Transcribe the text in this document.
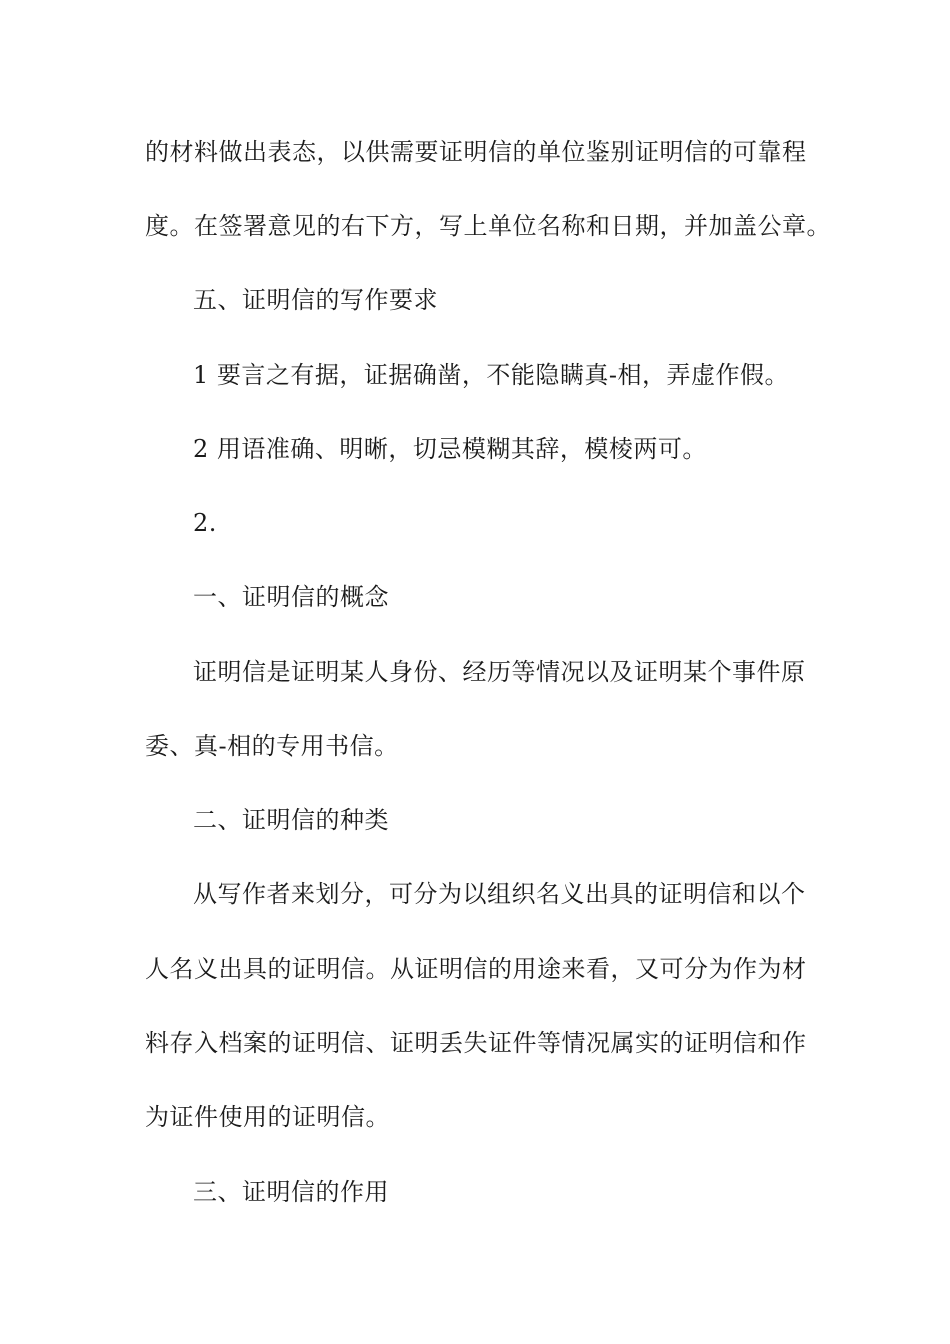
的材料做出表态，以供需要证明信的单位鉴别证明信的可靠程
度。在签署意见的右下方，写上单位名称和日期，并加盖公章。
五、证明信的写作要求
1 要言之有据，证据确凿，不能隐瞒真-相，弄虚作假。
2 用语准确、明晰，切忌模糊其辞，模棱两可。
2.
一、证明信的概念
证明信是证明某人身份、经历等情况以及证明某个事件原
委、真-相的专用书信。
二、证明信的种类
从写作者来划分，可分为以组织名义出具的证明信和以个
人名义出具的证明信。从证明信的用途来看，又可分为作为材
料存入档案的证明信、证明丢失证件等情况属实的证明信和作
为证件使用的证明信。
三、证明信的作用
